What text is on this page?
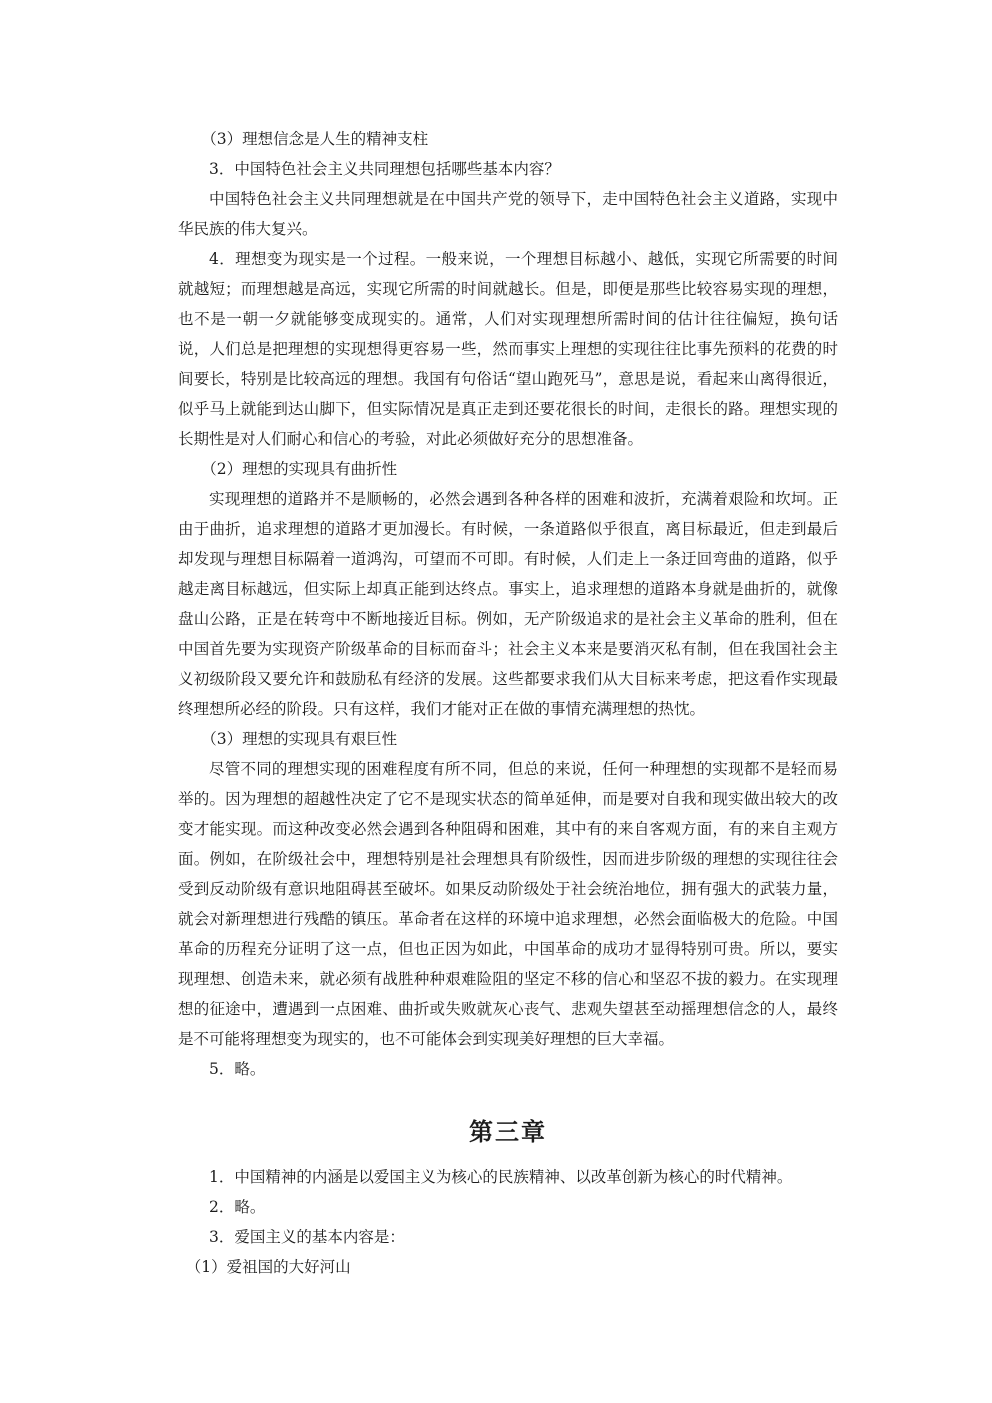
（3）理想信念是人生的精神支柱

3．中国特色社会主义共同理想包括哪些基本内容？

中国特色社会主义共同理想就是在中国共产党的领导下，走中国特色社会主义道路，实现中华民族的伟大复兴。

4．理想变为现实是一个过程。一般来说，一个理想目标越小、越低，实现它所需要的时间就越短；而理想越是高远，实现它所需的时间就越长。但是，即便是那些比较容易实现的理想，也不是一朝一夕就能够变成现实的。通常，人们对实现理想所需时间的估计往往偏短，换句话说，人们总是把理想的实现想得更容易一些，然而事实上理想的实现往往比事先预料的花费的时间要长，特别是比较高远的理想。我国有句俗话“望山跑死马”，意思是说，看起来山离得很近，似乎马上就能到达山脚下，但实际情况是真正走到还要花很长的时间，走很长的路。理想实现的长期性是对人们耐心和信心的考验，对此必须做好充分的思想准备。

（2）理想的实现具有曲折性

实现理想的道路并不是顺畅的，必然会遇到各种各样的困难和波折，充满着艰险和坎坷。正由于曲折，追求理想的道路才更加漫长。有时候，一条道路似乎很直，离目标最近，但走到最后却发现与理想目标隔着一道鸿沟，可望而不可即。有时候，人们走上一条迂回弯曲的道路，似乎越走离目标越远，但实际上却真正能到达终点。事实上，追求理想的道路本身就是曲折的，就像盘山公路，正是在转弯中不断地接近目标。例如，无产阶级追求的是社会主义革命的胜利，但在中国首先要为实现资产阶级革命的目标而奋斗；社会主义本来是要消灭私有制，但在我国社会主义初级阶段又要允许和鼓励私有经济的发展。这些都要求我们从大目标来考虑，把这看作实现最终理想所必经的阶段。只有这样，我们才能对正在做的事情充满理想的热忱。

（3）理想的实现具有艰巨性

尽管不同的理想实现的困难程度有所不同，但总的来说，任何一种理想的实现都不是轻而易举的。因为理想的超越性决定了它不是现实状态的简单延伸，而是要对自我和现实做出较大的改变才能实现。而这种改变必然会遇到各种阻碍和困难，其中有的来自客观方面，有的来自主观方面。例如，在阶级社会中，理想特别是社会理想具有阶级性，因而进步阶级的理想的实现往往会受到反动阶级有意识地阻碍甚至破坏。如果反动阶级处于社会统治地位，拥有强大的武装力量，就会对新理想进行残酷的镇压。革命者在这样的环境中追求理想，必然会面临极大的危险。中国革命的历程充分证明了这一点，但也正因为如此，中国革命的成功才显得特别可贵。所以，要实现理想、创造未来，就必须有战胜种种艰难险阻的坚定不移的信心和坚忍不拔的毅力。在实现理想的征途中，遭遇到一点困难、曲折或失败就灰心丧气、悲观失望甚至动摇理想信念的人，最终是不可能将理想变为现实的，也不可能体会到实现美好理想的巨大幸福。

5．略。

第三章

1．中国精神的内涵是以爱国主义为核心的民族精神、以改革创新为核心的时代精神。

2．略。

3．爱国主义的基本内容是：

（1）爱祖国的大好河山
